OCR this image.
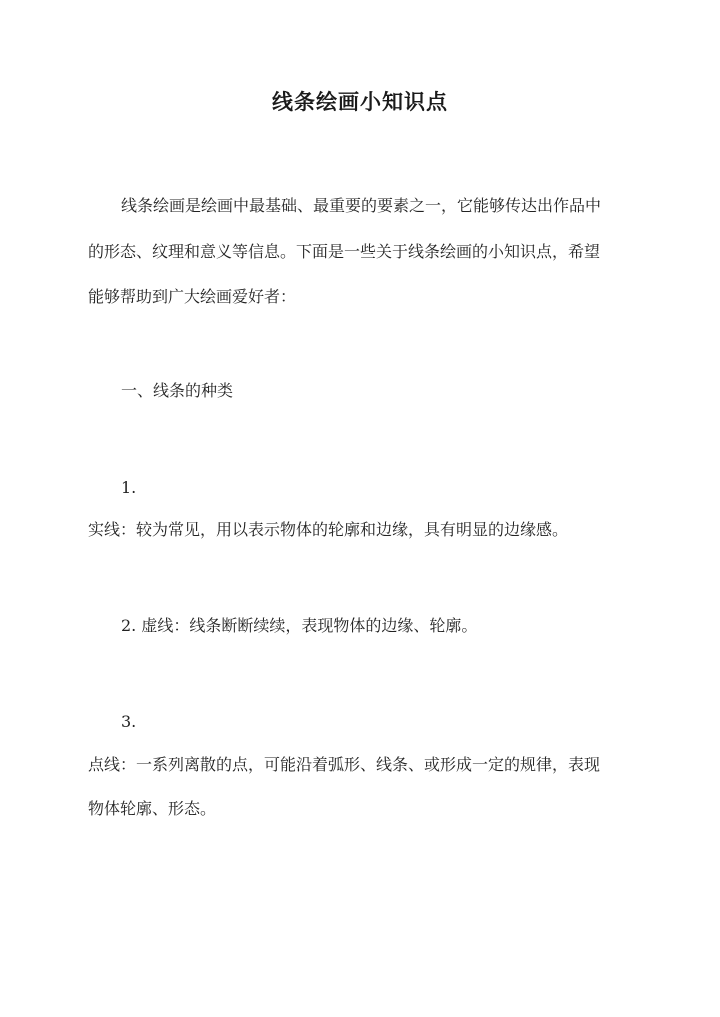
线条绘画小知识点
线条绘画是绘画中最基础、最重要的要素之一，它能够传达出作品中
的形态、纹理和意义等信息。下面是一些关于线条绘画的小知识点，希望
能够帮助到广大绘画爱好者：
一、线条的种类
1.
实线：较为常见，用以表示物体的轮廓和边缘，具有明显的边缘感。
2. 虚线：线条断断续续，表现物体的边缘、轮廓。
3.
点线：一系列离散的点，可能沿着弧形、线条、或形成一定的规律，表现
物体轮廓、形态。
